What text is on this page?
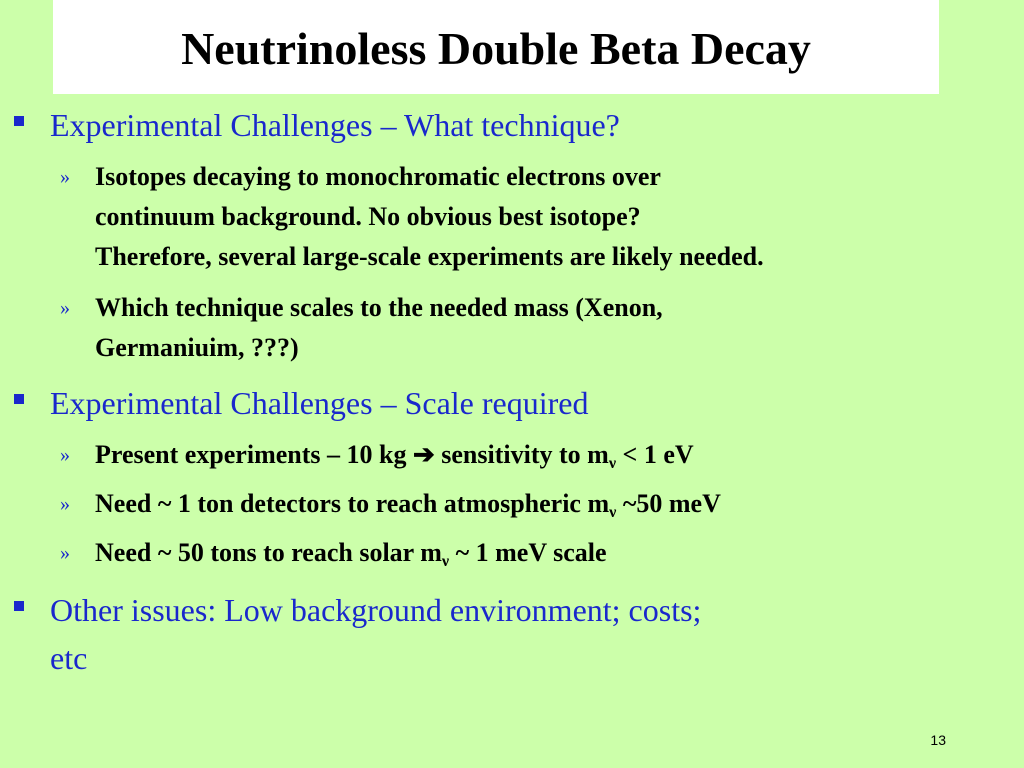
Neutrinoless Double Beta Decay
Experimental Challenges – What technique?
» Isotopes decaying to monochromatic electrons over
continuum background. No obvious best isotope?
Therefore, several large-scale experiments are likely needed.
» Which technique scales to the needed mass (Xenon,
Germaniuim, ???)
Experimental Challenges – Scale required
» Present experiments – 10 kg ➔ sensitivity to $m_\nu < 1$ eV
» Need ~ 1 ton detectors to reach atmospheric $m_\nu$ ~50 meV
» Need ~ 50 tons to reach solar $m_\nu$ ~ 1 meV scale
Other issues: Low background environment; costs;
etc
13
